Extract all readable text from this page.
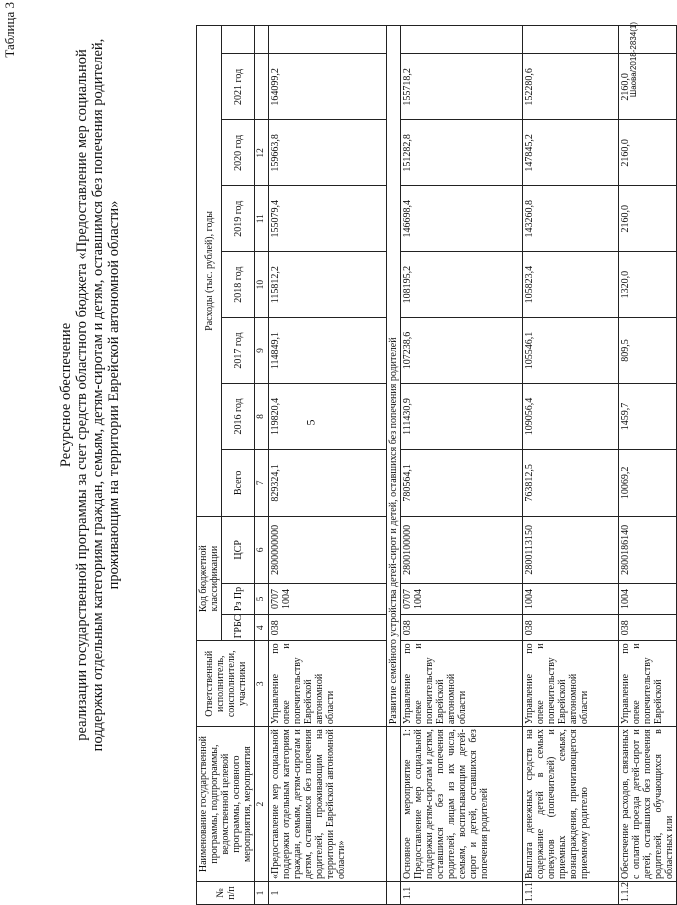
Таблица 3
Ресурсное обеспечение реализации государственной программы за счет средств областного бюджета «Предоставление мер социальной поддержки отдельным категориям граждан, семьям, детям-сиротам и детям, оставшимся без попечения родителей, проживающим на территории Еврейской автономной области»
№ п/п	Наименование государственной программы, подпрограммы, ведомственной целевой программы, основного мероприятия, мероприятия	Ответственный исполнитель, соисполнители, участники	Код бюджетной классификации			Расходы (тыс. рублей), годы							
			ГРБС	Рз Пр	ЦСР	Всего	2016 год	2017 год	2018 год	2019 год	2020 год	2021 год	

1	2	3	4	5	6	7	8	9	10	11	12		
1	«Предоставление мер социальной поддержки отдельным категориям граждан, семьям, детям-сиротам и детям, оставшимся без попечения родителей, проживающим на территории Еврейской автономной области»	Управление по опеке и попечительству Еврейской автономной области	038	0707 1004	2800000000	829324,1	119820,4	114849,1	115812,2	155079,4	159663,8	164099,2	
		Развитие семейного устройства детей-сирот и детей, оставшихся без попечения родителей											
1.1	Основное мероприятие 1: Предоставление мер социальной поддержки детям-сиротам и детям, оставшимся без попечения родителей, лицам из их числа, семьям, воспитывающим детей-сирот и детей, оставшихся без попечения родителей	Управление по опеке и попечительству Еврейской автономной области	038	0707 1004	2800100000	780564,1	111430,9	107238,6	108195,2	146698,4	151282,8	155718,2	
1.1.1	Выплата денежных средств на содержание детей в семьях опекунов (попечителей) и приемных семьях, вознаграждения, причитающегося приемному родителю	Управление по опеке и попечительству Еврейской автономной области	038	1004	2800113150	763812,5	109056,4	105546,1	105823,4	143260,8	147845,2	152280,6	
1.1.2	Обеспечение расходов, связанных с оплатой проезда детей-сирот и детей, оставшихся без попечения родителей, обучающихся в областных или	Управление по опеке и попечительству Еврейской	038	1004	2800186140	10069,2	1459,7	809,5	1320,0	2160,0	2160,0	2160,0	
Шаова/2018-2834(1)
5
